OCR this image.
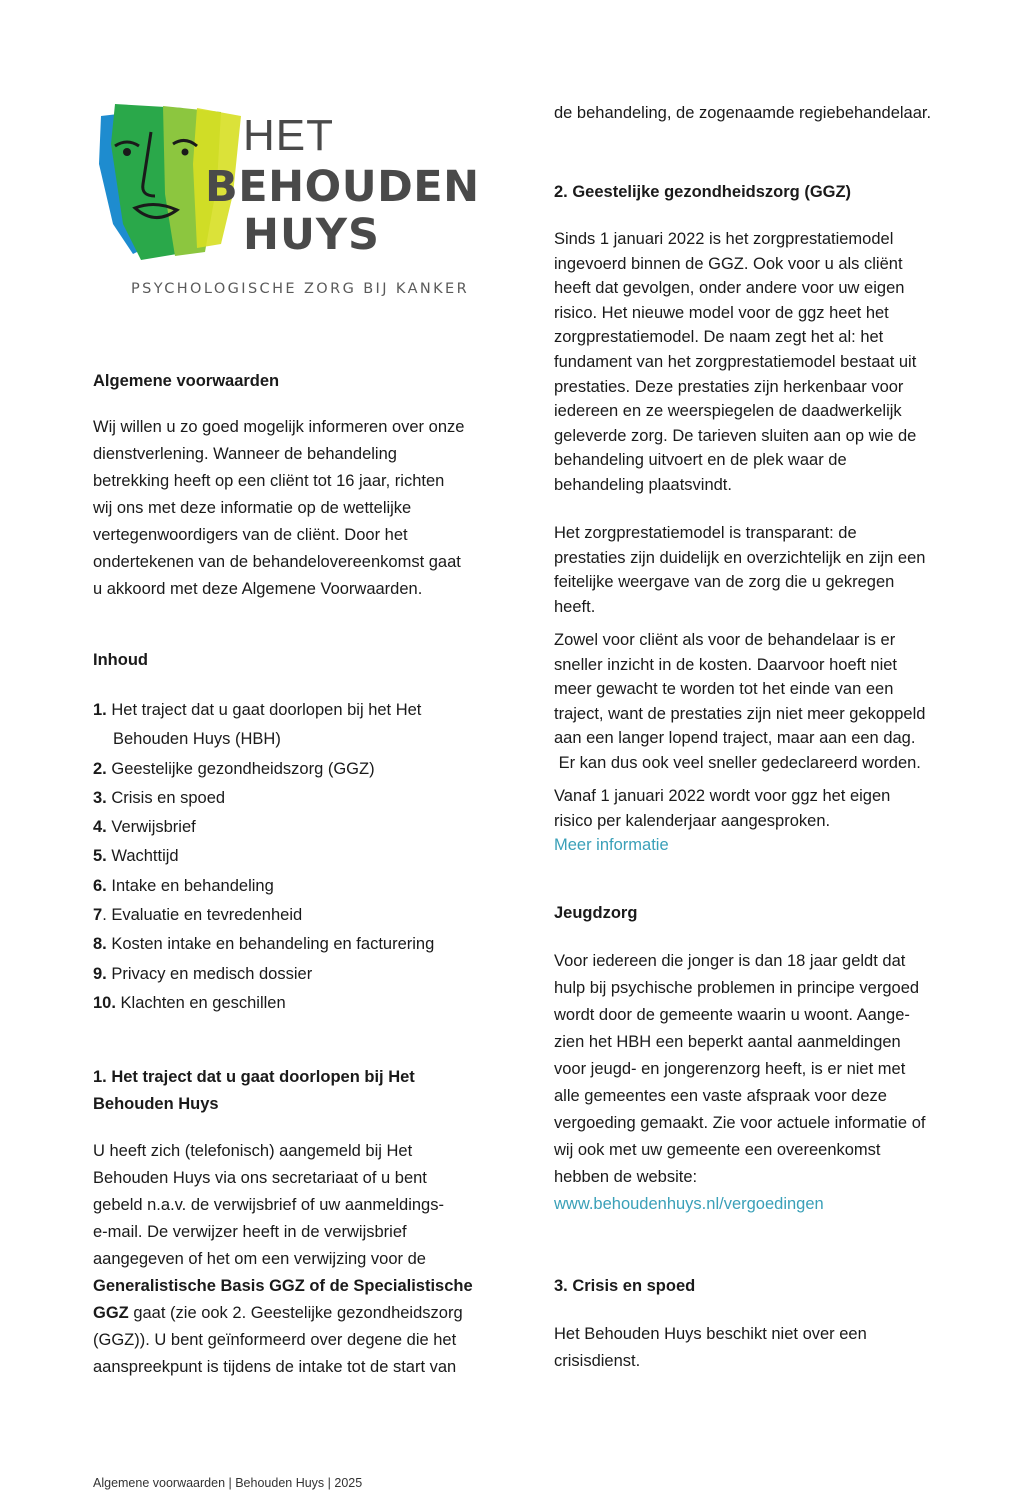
HET
BEHOUDEN
HUYS
PSYCHOLOGISCHE ZORG BIJ KANKER
Algemene voorwaarden
Wij willen u zo goed mogelijk informeren over onze
dienstverlening. Wanneer de behandeling
betrekking heeft op een cliënt tot 16 jaar, richten
wij ons met deze informatie op de wettelijke
vertegenwoordigers van de cliënt. Door het
ondertekenen van de behandelovereenkomst gaat
u akkoord met deze Algemene Voorwaarden.
Inhoud
1. Het traject dat u gaat doorlopen bij het Het
Behouden Huys (HBH)
2. Geestelijke gezondheidszorg (GGZ)
3. Crisis en spoed
4. Verwijsbrief
5. Wachttijd
6. Intake en behandeling
7. Evaluatie en tevredenheid
8. Kosten intake en behandeling en facturering
9. Privacy en medisch dossier
10. Klachten en geschillen
1. Het traject dat u gaat doorlopen bij Het
Behouden Huys
U heeft zich (telefonisch) aangemeld bij Het
Behouden Huys via ons secretariaat of u bent
gebeld n.a.v. de verwijsbrief of uw aanmeldings-
e-mail. De verwijzer heeft in de verwijsbrief
aangegeven of het om een verwijzing voor de
Generalistische Basis GGZ of de Specialistische
GGZ gaat (zie ook 2. Geestelijke gezondheidszorg
(GGZ)). U bent geïnformeerd over degene die het
aanspreekpunt is tijdens de intake tot de start van
de behandeling, de zogenaamde regiebehandelaar.
2. Geestelijke gezondheidszorg (GGZ)
Sinds 1 januari 2022 is het zorgprestatiemodel
ingevoerd binnen de GGZ. Ook voor u als cliënt
heeft dat gevolgen, onder andere voor uw eigen
risico. Het nieuwe model voor de ggz heet het
zorgprestatiemodel. De naam zegt het al: het
fundament van het zorgprestatiemodel bestaat uit
prestaties. Deze prestaties zijn herkenbaar voor
iedereen en ze weerspiegelen de daadwerkelijk
geleverde zorg. De tarieven sluiten aan op wie de
behandeling uitvoert en de plek waar de
behandeling plaatsvindt.
Het zorgprestatiemodel is transparant: de
prestaties zijn duidelijk en overzichtelijk en zijn een
feitelijke weergave van de zorg die u gekregen
heeft.
Zowel voor cliënt als voor de behandelaar is er
sneller inzicht in de kosten. Daarvoor hoeft niet
meer gewacht te worden tot het einde van een
traject, want de prestaties zijn niet meer gekoppeld
aan een langer lopend traject, maar aan een dag.
Er kan dus ook veel sneller gedeclareerd worden.
Vanaf 1 januari 2022 wordt voor ggz het eigen
risico per kalenderjaar aangesproken.
Meer informatie
Jeugdzorg
Voor iedereen die jonger is dan 18 jaar geldt dat
hulp bij psychische problemen in principe vergoed
wordt door de gemeente waarin u woont. Aange-
zien het HBH een beperkt aantal aanmeldingen
voor jeugd- en jongerenzorg heeft, is er niet met
alle gemeentes een vaste afspraak voor deze
vergoeding gemaakt. Zie voor actuele informatie of
wij ook met uw gemeente een overeenkomst
hebben de website:
www.behoudenhuys.nl/vergoedingen
3. Crisis en spoed
Het Behouden Huys beschikt niet over een
crisisdienst.
Algemene voorwaarden | Behouden Huys | 2025
